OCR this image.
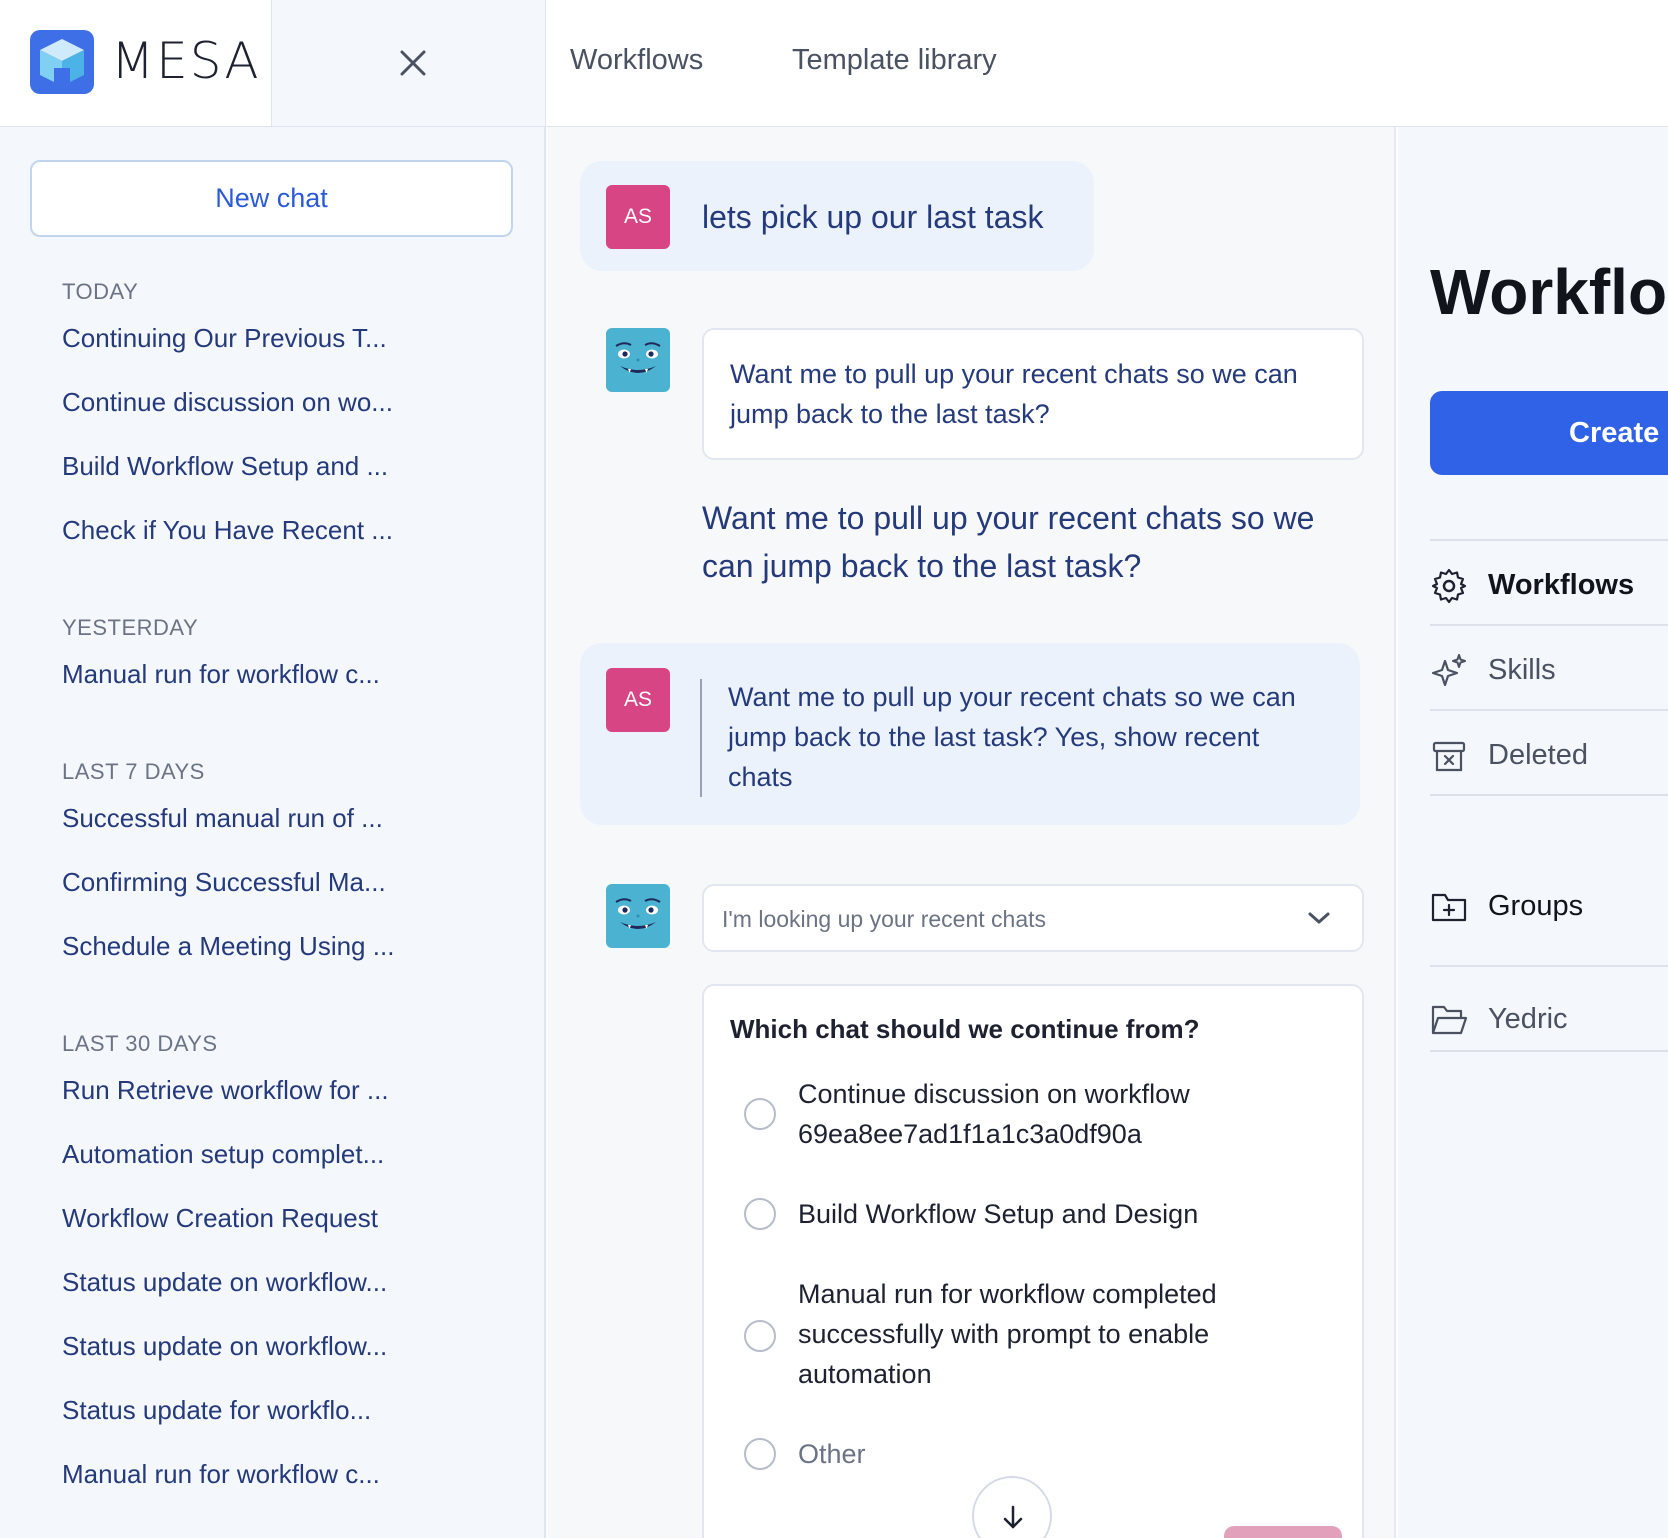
MESA	Workflows	Template library
New chat
TODAY
Continuing Our Previous T...
Continue discussion on wo...
Build Workflow Setup and ...
Check if You Have Recent ...
YESTERDAY
Manual run for workflow c...
LAST 7 DAYS
Successful manual run of ...
Confirming Successful Ma...
Schedule a Meeting Using ...
LAST 30 DAYS
Run Retrieve workflow for ...
Automation setup complet...
Workflow Creation Request
Status update on workflow...
Status update on workflow...
Status update for workflo...
Manual run for workflow c...
AS	lets pick up our last task
Want me to pull up your recent chats so we can jump back to the last task?
Want me to pull up your recent chats so we can jump back to the last task?
AS	Want me to pull up your recent chats so we can jump back to the last task? Yes, show recent chats
I'm looking up your recent chats
Which chat should we continue from?
Continue discussion on workflow 69ea8ee7ad1f1a1c3a0df90a
Build Workflow Setup and Design
Manual run for workflow completed successfully with prompt to enable automation
Other
Workflo
Create
Workflows
Skills
Deleted
Groups
Yedric
